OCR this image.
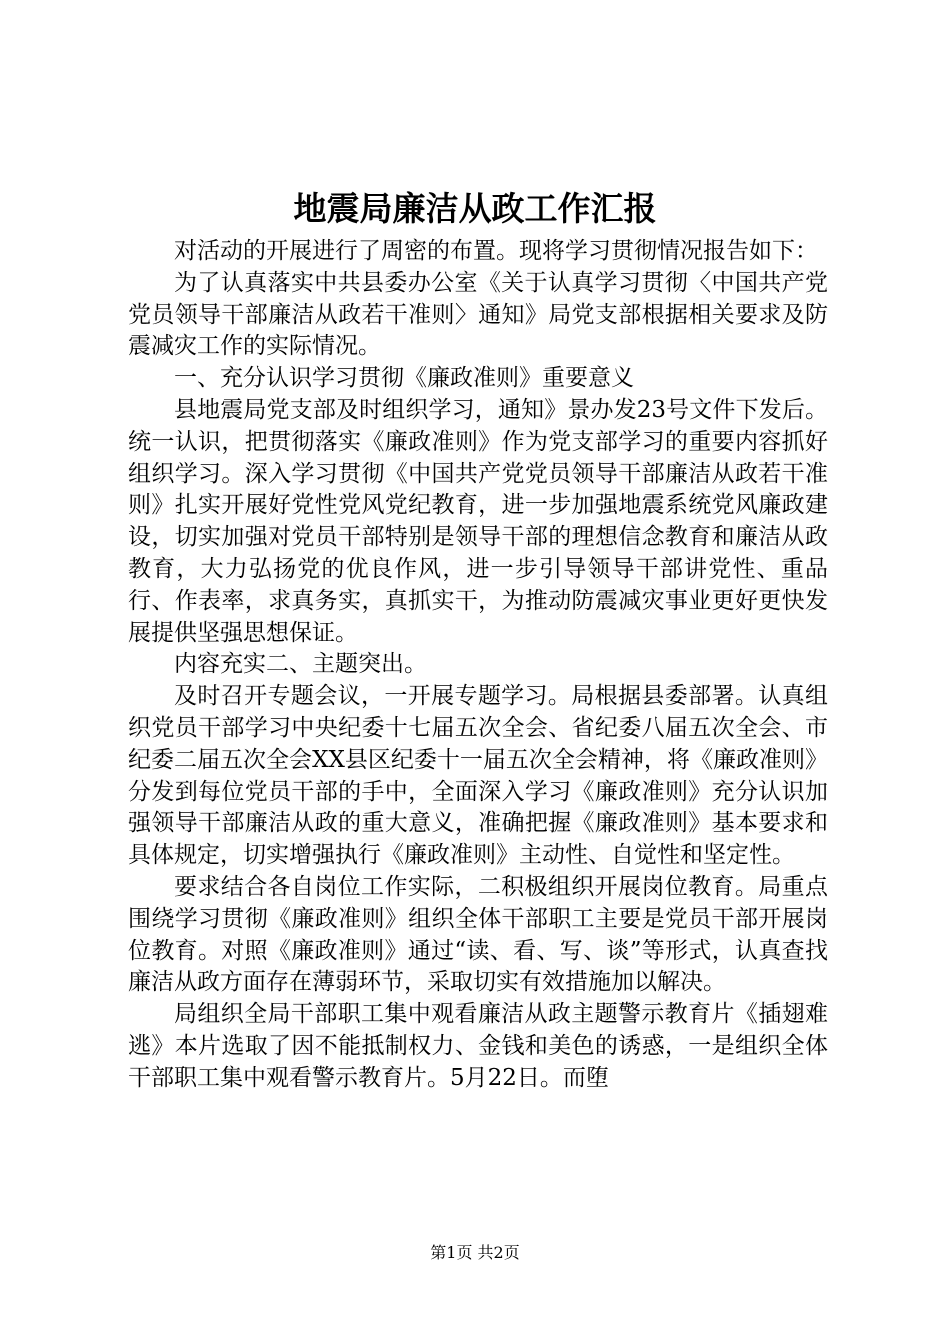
地震局廉洁从政工作汇报

对活动的开展进行了周密的布置。现将学习贯彻情况报告如下：

为了认真落实中共县委办公室《关于认真学习贯彻〈中国共产党党员领导干部廉洁从政若干准则〉通知》局党支部根据相关要求及防震减灾工作的实际情况。

一、充分认识学习贯彻《廉政准则》重要意义

县地震局党支部及时组织学习，通知》景办发23号文件下发后。统一认识，把贯彻落实《廉政准则》作为党支部学习的重要内容抓好组织学习。深入学习贯彻《中国共产党党员领导干部廉洁从政若干准则》扎实开展好党性党风党纪教育，进一步加强地震系统党风廉政建设，切实加强对党员干部特别是领导干部的理想信念教育和廉洁从政教育，大力弘扬党的优良作风，进一步引导领导干部讲党性、重品行、作表率，求真务实，真抓实干，为推动防震减灾事业更好更快发展提供坚强思想保证。

内容充实二、主题突出。

及时召开专题会议，一开展专题学习。局根据县委部署。认真组织党员干部学习中央纪委十七届五次全会、省纪委八届五次全会、市纪委二届五次全会XX县区纪委十一届五次全会精神，将《廉政准则》分发到每位党员干部的手中，全面深入学习《廉政准则》充分认识加强领导干部廉洁从政的重大意义，准确把握《廉政准则》基本要求和具体规定，切实增强执行《廉政准则》主动性、自觉性和坚定性。

要求结合各自岗位工作实际，二积极组织开展岗位教育。局重点围绕学习贯彻《廉政准则》组织全体干部职工主要是党员干部开展岗位教育。对照《廉政准则》通过“读、看、写、谈”等形式，认真查找廉洁从政方面存在薄弱环节，采取切实有效措施加以解决。

局组织全局干部职工集中观看廉洁从政主题警示教育片《插翅难逃》本片选取了因不能抵制权力、金钱和美色的诱惑，一是组织全体干部职工集中观看警示教育片。5月22日。而堕

第1页 共2页
